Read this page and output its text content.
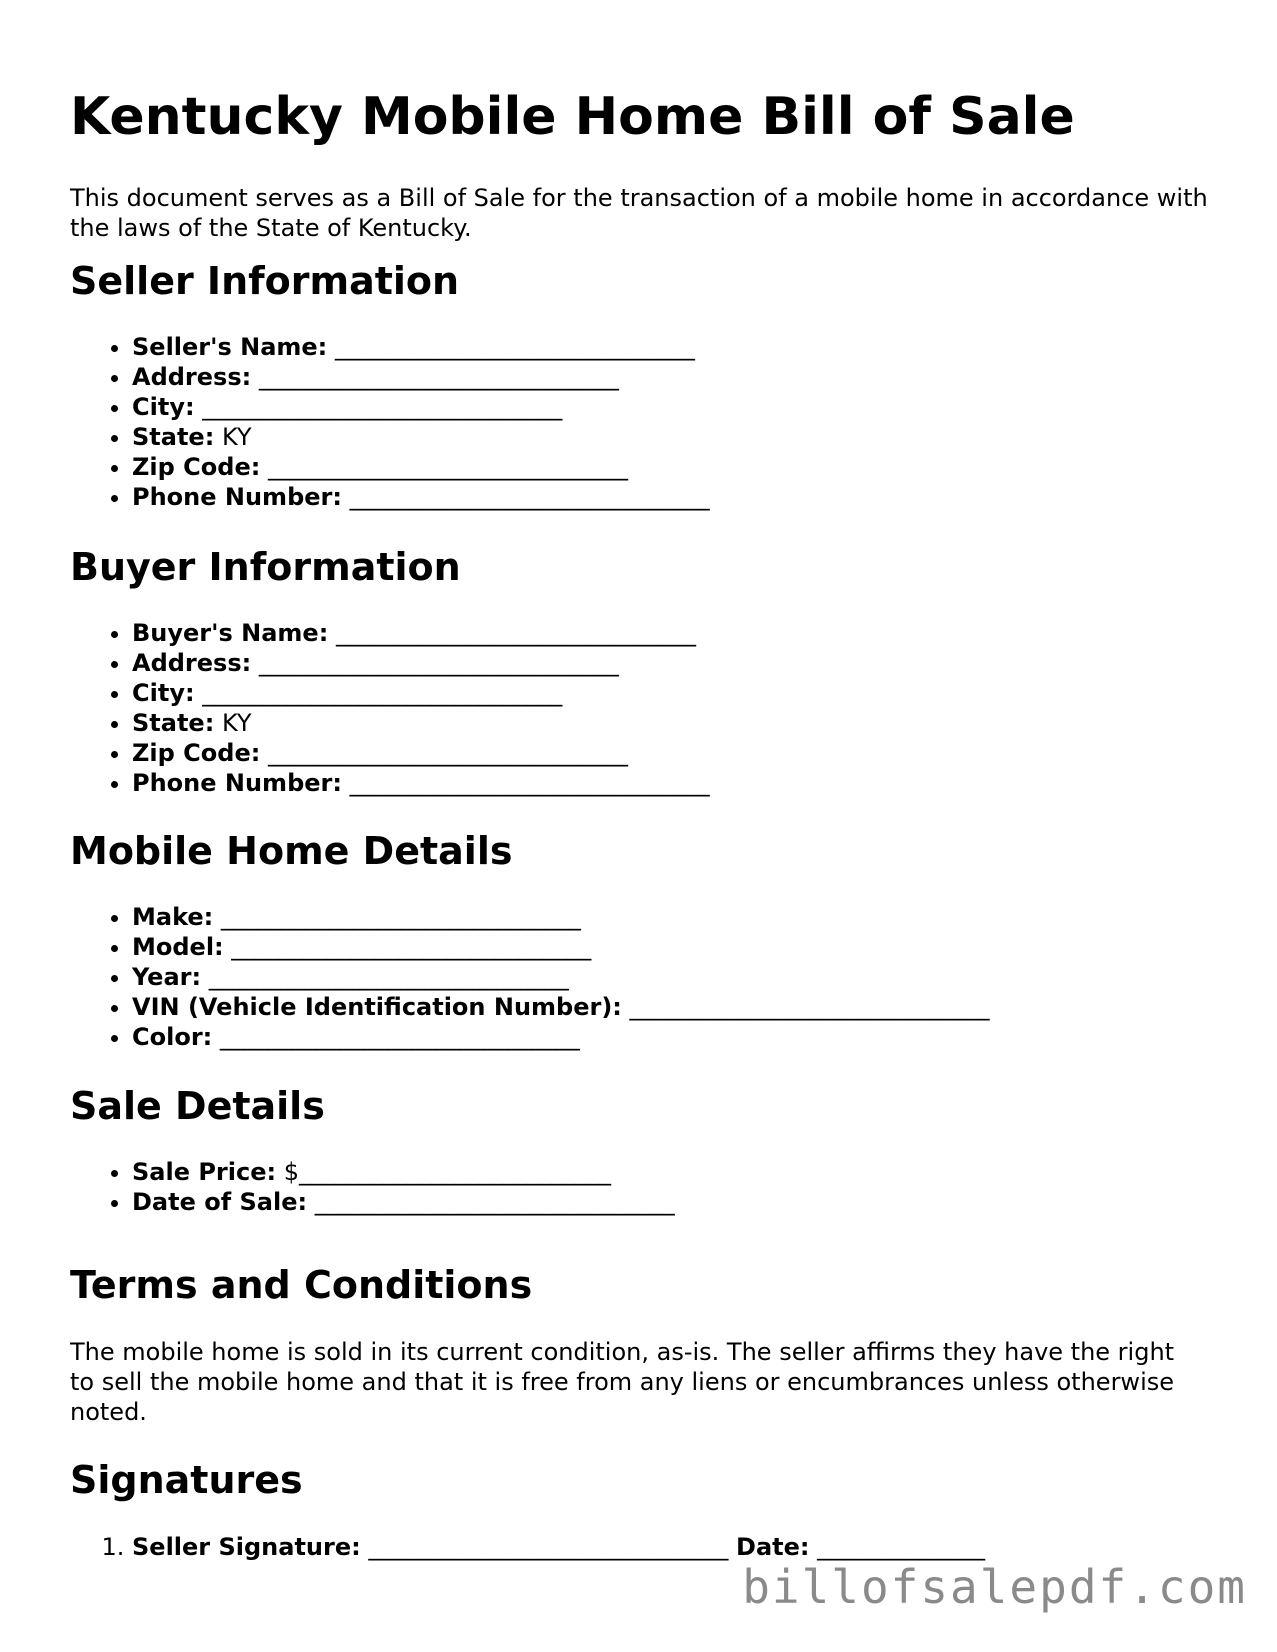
Kentucky Mobile Home Bill of Sale

This document serves as a Bill of Sale for the transaction of a mobile home in accordance with the laws of the State of Kentucky.

Seller Information
• Seller's Name: ______________________________
• Address: ______________________________
• City: ______________________________
• State: KY
• Zip Code: ______________________________
• Phone Number: ______________________________
Buyer Information
• Buyer's Name: ______________________________
• Address: ______________________________
• City: ______________________________
• State: KY
• Zip Code: ______________________________
• Phone Number: ______________________________
Mobile Home Details
• Make: ______________________________
• Model: ______________________________
• Year: ______________________________
• VIN (Vehicle Identification Number): ______________________________
• Color: ______________________________
Sale Details
• Sale Price: $__________________________
• Date of Sale: ______________________________
Terms and Conditions

The mobile home is sold in its current condition, as-is. The seller affirms they have the right to sell the mobile home and that it is free from any liens or encumbrances unless otherwise noted.

Signatures
1. Seller Signature: ______________________________ Date: ______________
billofsalepdf.com
